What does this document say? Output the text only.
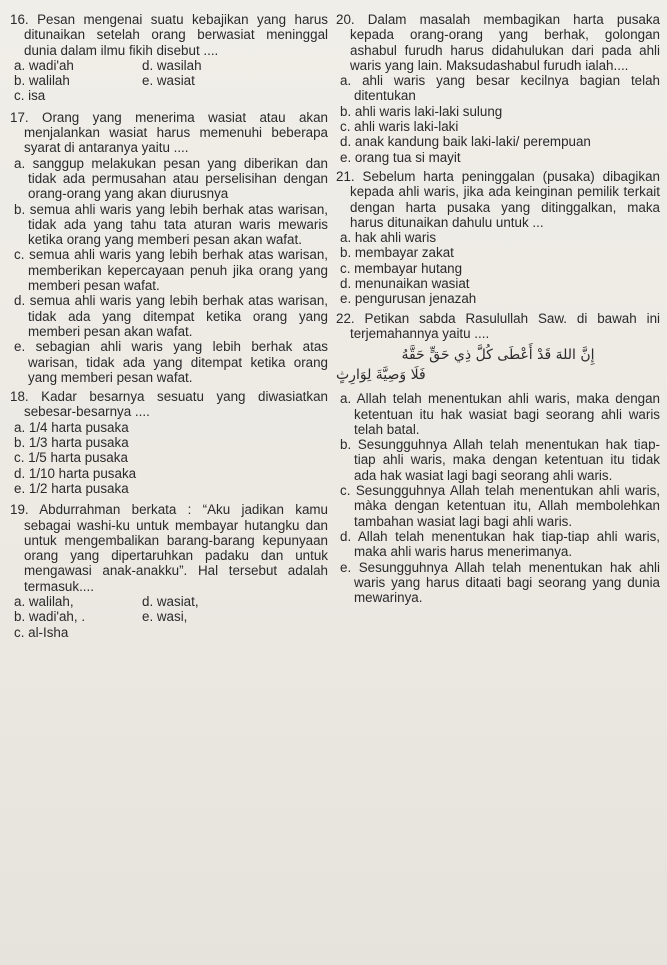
16. Pesan mengenai suatu kebajikan yang harus ditunaikan setelah orang berwasiat meninggal dunia dalam ilmu fikih disebut ....
a. wadi'ah	d. wasilah
b. walilah	e. wasiat
c. isa
17. Orang yang menerima wasiat atau akan menjalankan wasiat harus memenuhi beberapa syarat di antaranya yaitu ....
a. sanggup melakukan pesan yang diberikan dan tidak ada permusahan atau perselisihan dengan orang-orang yang akan diurusnya
b. semua ahli waris yang lebih berhak atas warisan, tidak ada yang tahu tata aturan waris mewaris ketika orang yang memberi pesan akan wafat.
c. semua ahli waris yang lebih berhak atas warisan, memberikan kepercayaan penuh jika orang yang memberi pesan wafat.
d. semua ahli waris yang lebih berhak atas warisan, tidak ada yang ditempat ketika orang yang memberi pesan akan wafat.
e. sebagian ahli waris yang lebih berhak atas warisan, tidak ada yang ditempat ketika orang yang memberi pesan wafat.
18. Kadar besarnya sesuatu yang diwasiatkan sebesar-besarnya ....
a. 1/4 harta pusaka
b. 1/3 harta pusaka
c. 1/5 harta pusaka
d. 1/10 harta pusaka
e. 1/2 harta pusaka
19. Abdurrahman berkata : “Aku jadikan kamu sebagai washi-ku untuk membayar hutangku dan untuk mengembalikan barang-barang kepunyaan orang yang dipertaruhkan padaku dan untuk mengawasi anak-anakku”. Hal tersebut adalah termasuk....
a. walilah,	d. wasiat,
b. wadi'ah, .	e. wasi,
c. al-Isha
20. Dalam masalah membagikan harta pusaka kepada orang-orang yang berhak, golongan ashabul furudh harus didahulukan dari pada ahli waris yang lain. Maksudashabul furudh ialah....
a. ahli waris yang besar kecilnya bagian telah ditentukan
b. ahli waris laki-laki sulung
c. ahli waris laki-laki
d. anak kandung baik laki-laki/ perempuan
e. orang tua si mayit
21. Sebelum harta peninggalan (pusaka) dibagikan kepada ahli waris, jika ada keinginan pemilik terkait dengan harta pusaka yang ditinggalkan, maka harus ditunaikan dahulu untuk ...
a. hak ahli waris
b. membayar zakat
c. membayar hutang
d. menunaikan wasiat
e. pengurusan jenazah
22. Petikan sabda Rasulullah Saw. di bawah ini terjemahannya yaitu ....
إِنَّ اللهَ قَدْ أَعْطَى كُلَّ ذِي حَقٍّ حَقَّهُ
فَلَا وَصِيَّةَ لِوَارِثٍ
a. Allah telah menentukan ahli waris, maka dengan ketentuan itu hak wasiat bagi seorang ahli waris telah batal.
b. Sesungguhnya Allah telah menentukan hak tiap-tiap ahli waris, maka dengan ketentuan itu tidak ada hak wasiat lagi bagi seorang ahli waris.
c. Sesungguhnya Allah telah menentukan ahli waris, màka dengan ketentuan itu, Allah membolehkan tambahan wasiat lagi bagi ahli waris.
d. Allah telah menentukan hak tiap-tiap ahli waris, maka ahli waris harus menerimanya.
e. Sesungguhnya Allah telah menentukan hak ahli waris yang harus ditaati bagi seorang yang dunia mewarinya.
